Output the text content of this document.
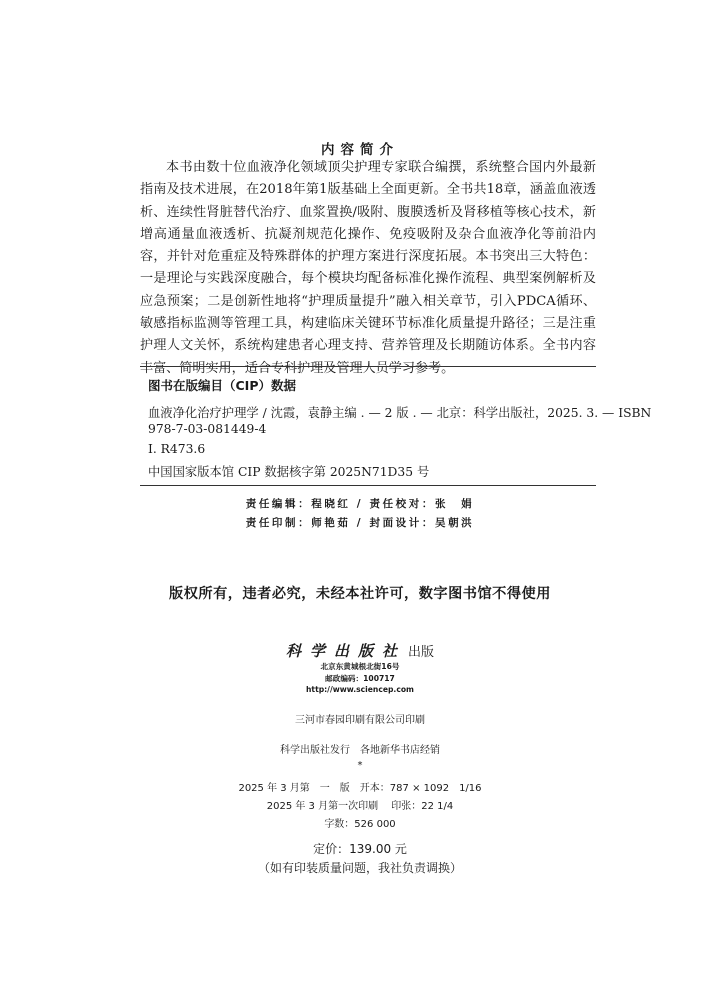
内容简介

本书由数十位血液净化领域顶尖护理专家联合编撰，系统整合国内外最新指南及技术进展，在2018年第1版基础上全面更新。全书共18章，涵盖血液透析、连续性肾脏替代治疗、血浆置换/吸附、腹膜透析及肾移植等核心技术，新增高通量血液透析、抗凝剂规范化操作、免疫吸附及杂合血液净化等前沿内容，并针对危重症及特殊群体的护理方案进行深度拓展。本书突出三大特色：一是理论与实践深度融合，每个模块均配备标准化操作流程、典型案例解析及应急预案；二是创新性地将“护理质量提升”融入相关章节，引入PDCA循环、敏感指标监测等管理工具，构建临床关键环节标准化质量提升路径；三是注重护理人文关怀，系统构建患者心理支持、营养管理及长期随访体系。全书内容丰富、简明实用，适合专科护理及管理人员学习参考。

图书在版编目（CIP）数据
血液净化治疗护理学 / 沈霞，袁静主编 . — 2 版 . — 北京：科学出版社，2025. 3. — ISBN
978-7-03-081449-4
Ⅰ. R473.6
中国国家版本馆 CIP 数据核字第 2025N71D35 号
责任编辑：程晓红 / 责任校对：张　娟
责任印制：师艳茹 / 封面设计：吴朝洪
版权所有，违者必究，未经本社许可，数字图书馆不得使用
科学出版社 出版
北京东黄城根北街16号
邮政编码：100717
http://www.sciencep.com
三河市春园印刷有限公司印刷
科学出版社发行　各地新华书店经销
*
2025 年 3 月第　一　版　开本：787 × 1092　1/16
2025 年 3 月第一次印刷　 印张：22 1/4
字数：526 000
定价：139.00 元
（如有印装质量问题，我社负责调换）
